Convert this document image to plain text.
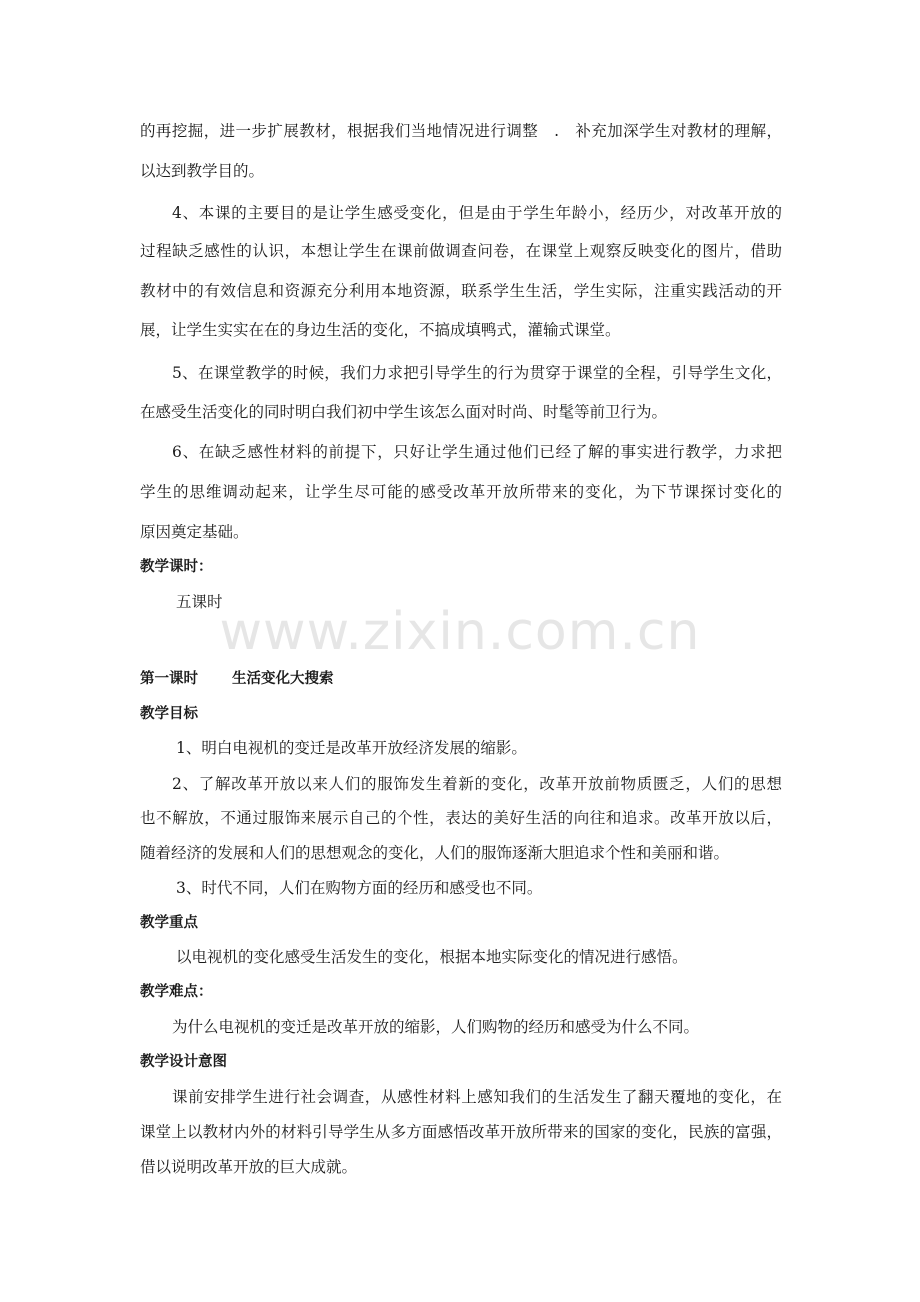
www.zixin.com.cn
的再挖掘，进一步扩展教材，根据我们当地情况进行调整　.　补充加深学生对教材的理解，
以达到教学目的。
4、本课的主要目的是让学生感受变化，但是由于学生年龄小，经历少，对改革开放的
过程缺乏感性的认识，本想让学生在课前做调查问卷，在课堂上观察反映变化的图片，借助
教材中的有效信息和资源充分利用本地资源，联系学生生活，学生实际，注重实践活动的开
展，让学生实实在在的身边生活的变化，不搞成填鸭式，灌输式课堂。
5、在课堂教学的时候，我们力求把引导学生的行为贯穿于课堂的全程，引导学生文化，
在感受生活变化的同时明白我们初中学生该怎么面对时尚、时髦等前卫行为。
6、在缺乏感性材料的前提下，只好让学生通过他们已经了解的事实进行教学，力求把
学生的思维调动起来，让学生尽可能的感受改革开放所带来的变化，为下节课探讨变化的
原因奠定基础。
教学课时：
五课时
第一课时 生活变化大搜索
教学目标
1、明白电视机的变迁是改革开放经济发展的缩影。
2、了解改革开放以来人们的服饰发生着新的变化，改革开放前物质匮乏，人们的思想
也不解放，不通过服饰来展示自己的个性，表达的美好生活的向往和追求。改革开放以后，
随着经济的发展和人们的思想观念的变化，人们的服饰逐渐大胆追求个性和美丽和谐。
3、时代不同，人们在购物方面的经历和感受也不同。
教学重点
以电视机的变化感受生活发生的变化，根据本地实际变化的情况进行感悟。
教学难点：
为什么电视机的变迁是改革开放的缩影，人们购物的经历和感受为什么不同。
教学设计意图
课前安排学生进行社会调查，从感性材料上感知我们的生活发生了翻天覆地的变化，在
课堂上以教材内外的材料引导学生从多方面感悟改革开放所带来的国家的变化，民族的富强，
借以说明改革开放的巨大成就。
